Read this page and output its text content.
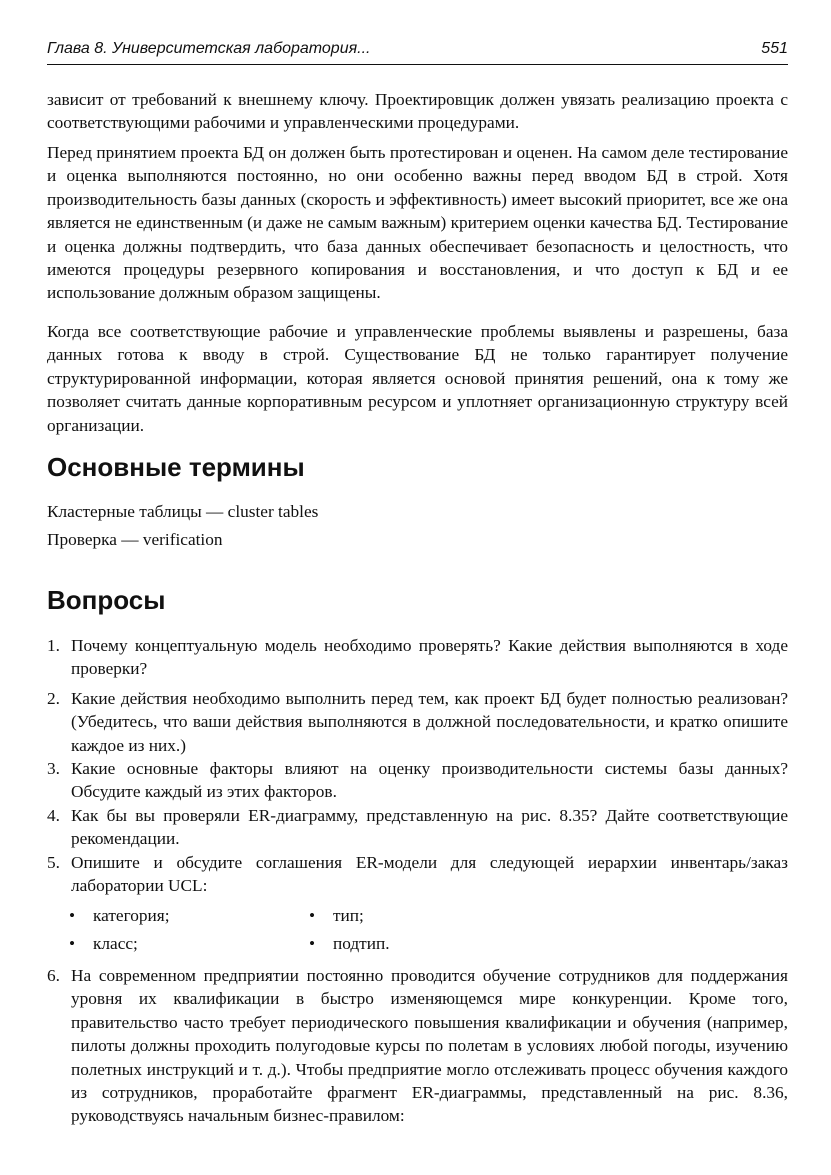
Глава 8. Университетская лаборатория...	551

зависит от требований к внешнему ключу. Проектировщик должен увязать реализацию проекта с соответствующими рабочими и управленческими процедурами.

Перед принятием проекта БД он должен быть протестирован и оценен. На самом деле тестирование и оценка выполняются постоянно, но они особенно важны перед вводом БД в строй. Хотя производительность базы данных (скорость и эффективность) имеет высокий приоритет, все же она является не единственным (и даже не самым важным) критерием оценки качества БД. Тестирование и оценка должны подтвердить, что база данных обеспечивает безопасность и целостность, что имеются процедуры резервного копирования и восстановления, и что доступ к БД и ее использование должным образом защищены.

Когда все соответствующие рабочие и управленческие проблемы выявлены и разрешены, база данных готова к вводу в строй. Существование БД не только гарантирует получение структурированной информации, которая является основой принятия решений, она к тому же позволяет считать данные корпоративным ресурсом и уплотняет организационную структуру всей организации.

Основные термины
Кластерные таблицы — cluster tables
Проверка — verification
Вопросы
1. Почему концептуальную модель необходимо проверять? Какие действия выполняются в ходе проверки?
2. Какие действия необходимо выполнить перед тем, как проект БД будет полностью реализован? (Убедитесь, что ваши действия выполняются в должной последовательности, и кратко опишите каждое из них.)
3. Какие основные факторы влияют на оценку производительности системы базы данных? Обсудите каждый из этих факторов.
4. Как бы вы проверяли ER-диаграмму, представленную на рис. 8.35? Дайте соответствующие рекомендации.
5. Опишите и обсудите соглашения ER-модели для следующей иерархии инвентарь/заказ лаборатории UCL:
• категория;	• тип;
• класс;	• подтип.
6. На современном предприятии постоянно проводится обучение сотрудников для поддержания уровня их квалификации в быстро изменяющемся мире конкуренции. Кроме того, правительство часто требует периодического повышения квалификации и обучения (например, пилоты должны проходить полугодовые курсы по полетам в условиях любой погоды, изучению полетных инструкций и т. д.). Чтобы предприятие могло отслеживать процесс обучения каждого из сотрудников, проработайте фрагмент ER-диаграммы, представленный на рис. 8.36, руководствуясь начальным бизнес-правилом:
